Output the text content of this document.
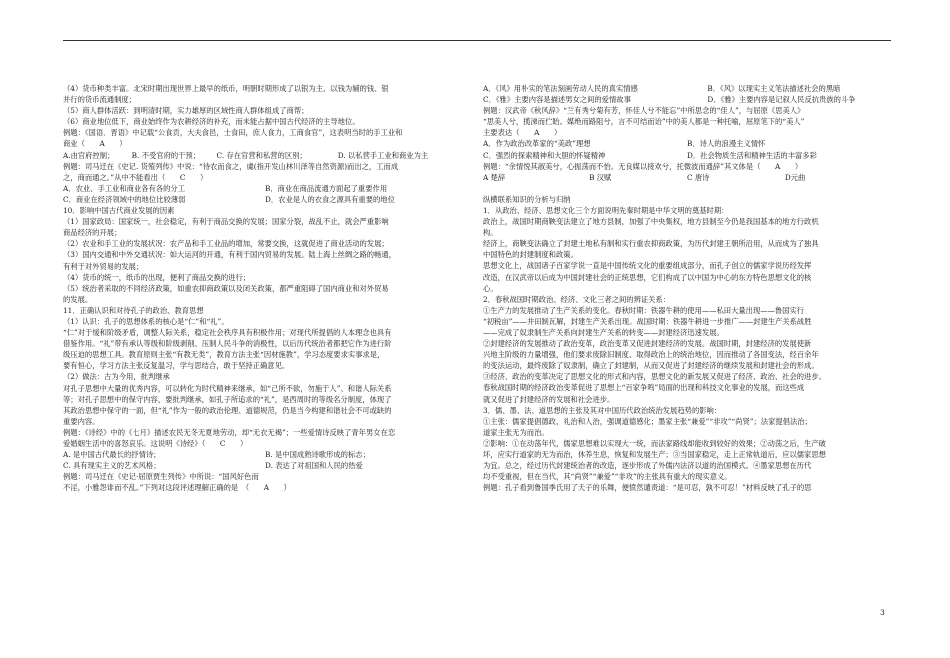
（4）货币种类丰富。北宋时期出现世界上最早的纸币，明朝时期形成了以银为主、以钱为辅的钱、银

并行的货币流通制度；

（5）商人群体活跃：到明清时期，实力雄厚的区域性商人群体组成了商帮；

（6）商业地位低下，商业始终作为农耕经济的补充，而未能占据中国古代经济的主导地位。

例题：《国语．晋语》中记载“公食贡，大夫食邑，士食田，庶人食力，工商食官”，这表明当时的手工业和

商业（　　A　　）

A.由官府控制；	B. 不受官府的干预；	C. 存在官营和私营的区别；	D. 以私营手工业和商业为主

例题：司马迁在《史记. 货殖列传》中说：“待农而食之，虞(指开发山林川泽等自然资源)而出之，工而成

之，商而通之。”从中不能看出（　　C　　）

A．农业、手工业和商业各有各的分工	B．商业在商品流通方面起了重要作用

C．商业在经济领域中的地位比较薄弱	D．农业是人的衣食之源具有重要的地位

10．影响中国古代商业发展的因素

（1）国家政局：国家统一，社会稳定，有利于商品交换的发展；国家分裂，战乱不止，就会严重影响

商品经济的开展；

（2）农业和手工业的发展状况：农产品和手工业品的增加，常要交换，这就促进了商业活动的发展；

（3）国内交通和中外交通状况：如大运河的开通，有利于国内贸易的发展。陆上海上丝绸之路的畅通，

有利于对外贸易的发展；

（4）货币的统一，纸币的出现，便利了商品交换的进行；

（5）统治者采取的不同经济政策，如重农抑商政策以及闭关政策，都严重阻碍了国内商业和对外贸易

的发展。

11．正确认识和对待孔子的政治、教育思想

（1）认识：孔子的思想体系的核心是“仁”和“礼”。

“仁”对于缓和阶级矛盾，调整人际关系，稳定社会秩序具有积极作用；对现代所提倡的人本理念也具有

借鉴作用。“礼”带有承认等级和阶级剥削、压制人民斗争的消极性，以后历代统治者都把它作为进行阶

级压迫的思想工具。教育原则主张“有教无类”，教育方法主张“因材施教”，学习态度要求实事求是，

要有恒心，学习方法主张反复温习，学与思结合，敢于坚持正确意见。

（2）做法：古为今用，批判继承

对孔子思想中大量的优秀内容，可以转化为时代精神来继承，如“己所不欲，勿施于人”、和谐人际关系

等；对孔子思想中的保守内容，要批判继承，如孔子所追求的“礼”，是西周时的等级名分制度，体现了

其政治思想中保守的一面，但“礼”作为一般的政治伦理、道德规范，仍是当今构建和谐社会不可或缺的

重要内容。

例题：《诗经》中的《七月》描述农民无冬无夏地劳动，却“无衣无褐”；一些爱情诗反映了青年男女在恋

爱婚姻生活中的喜怒哀乐。这说明《诗经》（　　C　　）

A. 是中国古代最长的抒情诗；	B. 是中国成熟诗歌形成的标志；

C. 具有现实主义的艺术风格；	D. 表达了对祖国和人民的热爱

例题：司马迁在《史记·屈原贾生列传》中所说：“国风好色而

不淫，小雅怨诽而不乱。”下列对这段评述理解正确的是　（　　A　　）

A．《风》用朴实的笔法刻画劳动人民的真实情感	B．《风》以现实主义笔法描述社会的黑暗

C．《雅》主要内容是描述男女之间的爱情故事	D．《雅》主要内容是记叙人民反抗贵族的斗争

例题：汉武帝《秋风辞》“兰有秀兮菊有芳，怀佳人兮不能忘”中所思念的“佳人”，与屈原《思美人》

“思美人兮，揽涕而伫眙。媒绝而路阻兮，言不可结而诒”中的美人都是一种托喻，屈原笔下的“美人”

主要表达（　　A　　）

A．作为政治改革家的“美政”理想	B．诗人的浪漫主义情怀

C．强烈的探索精神和大胆的怀疑精神	D．社会物质生活和精神生活的丰富多彩

例题：“余情悦其淑美兮，心振荡而不怡。无良媒以接欢兮，托微波而通辞”其文体是（　　A　　）

A 楚辞	B 汉赋	C 唐诗	D元曲

纵横联系知识的分析与归纳

1．从政治、经济、思想文化三个方面说明先秦时期是中华文明的奠基时期：

政治上，战国时期商鞅变法建立了地方县制，加强了中央集权，地方县制至今仍是我国基本的地方行政机

构。

经济上，商鞅变法确立了封建土地私有制和实行重农抑商政策，为历代封建王朝所沿用，从而成为了独具

中国特色的封建制度和政策。

思想文化上，战国诸子百家学说一直是中国传统文化的重要组成部分，而孔子创立的儒家学说历经发挥

改造，在汉武帝以后成为中国封建社会的正统思想，它们构成了以中国为中心的东方特色思想文化的核

心。

2．春秋战国时期政治、经济、文化三者之间的辨证关系：

①生产力的发展推动了生产关系的变化。春秋时期：铁器牛耕的使用——私田大量出现——鲁国实行

“初税亩”——井田制瓦解，封建生产关系出现。战国时期：铁器牛耕进一步推广——封建生产关系战胜

——完成了奴隶制生产关系向封建生产关系的转变——封建经济迅速发展。

②封建经济的发展推动了政治变革，政治变革又促进封建经济的发展。战国时期，封建经济的发展使新

兴地主阶级的力量增强，他们要求废除旧制度、取得政治上的统治地位，因而推动了各国变法，经百余年

的变法运动，最终废除了奴隶制，确立了封建制，从而又促进了封建经济的继续发展和封建社会的形成。

③经济、政治的变革决定了思想文化的形式和内容，思想文化的新发展又促进了经济、政治、社会的进步。

春秋战国时期的经济政治变革促进了思想上“百家争鸣”局面的出现和科技文化事业的发展，而这些成

就又促进了封建经济的发展和社会进步。

3．儒、墨、法、道思想的主张及其对中国历代政治统治发展趋势的影响：

①主张：儒家提倡德政、礼治和人治，强调道德感化；墨家主张“兼爱”“非攻”“尚贤”；法家提倡法治；

道家主张无为而治。

②影响：①在动荡年代，儒家思想难以实现大一统，而法家路线却能收到较好的效果；②动荡之后，生产破

坏，应实行道家的无为而治，休养生息，恢复和发展生产；③当国家稳定，走上正常轨道后，应以儒家思想

为宜。总之，经过历代封建统治者的改造，逐步形成了外儒内法济以道的治国模式。④墨家思想在历代

均不受重视，但在当代，其“尚贤”“兼爱”“非攻”的主张具有重大的现实意义。

例题：孔子看到鲁国季氏用了天子的乐舞，便愤然谴责道：“是可忍，孰不可忍！”材料反映了孔子的思

3
